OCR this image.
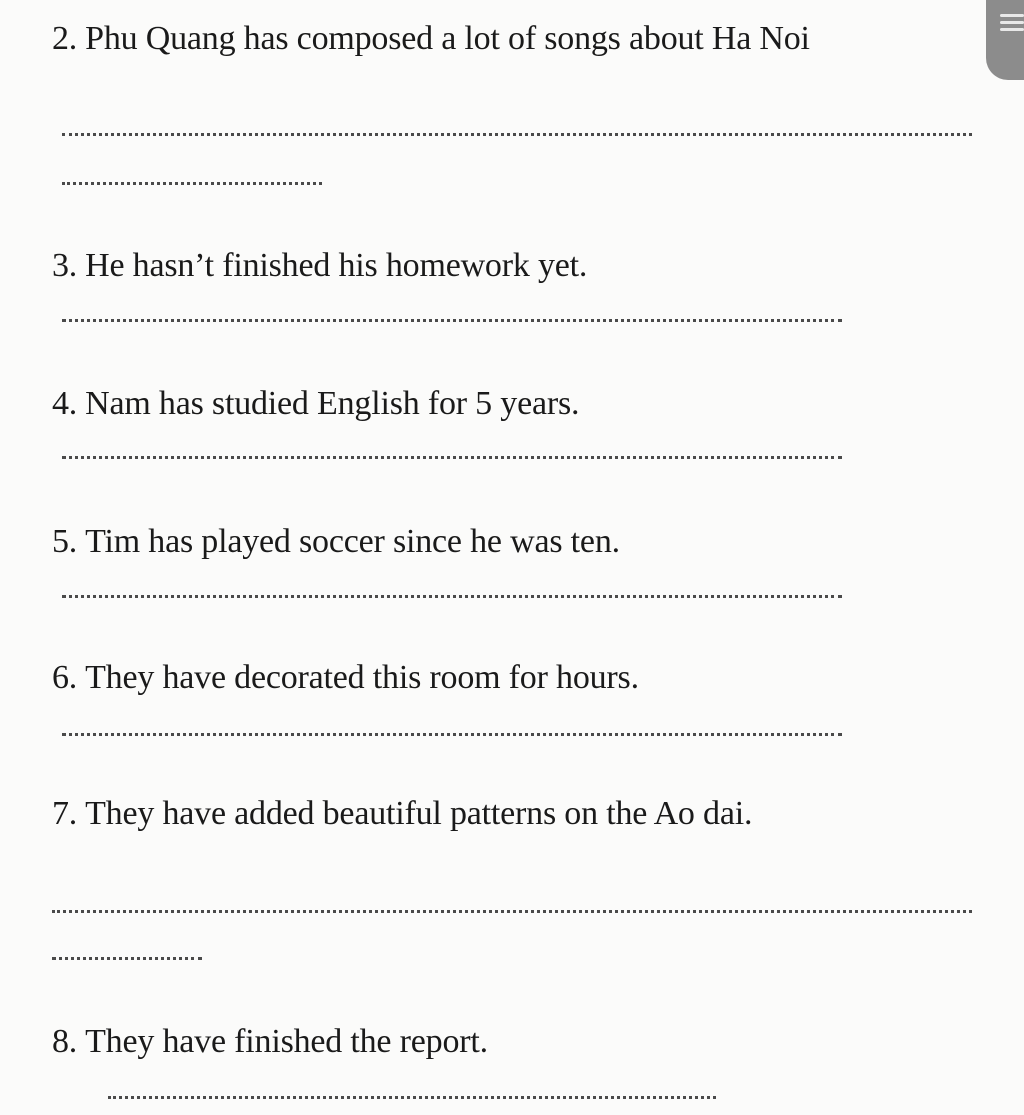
2. Phu Quang has composed a lot of songs about Ha Noi
3. He hasn’t finished his homework yet.
4. Nam has studied English for 5 years.
5. Tim has played soccer since he was ten.
6. They have decorated this room for hours.
7. They have added beautiful patterns on the Ao dai.
8. They have finished the report.
